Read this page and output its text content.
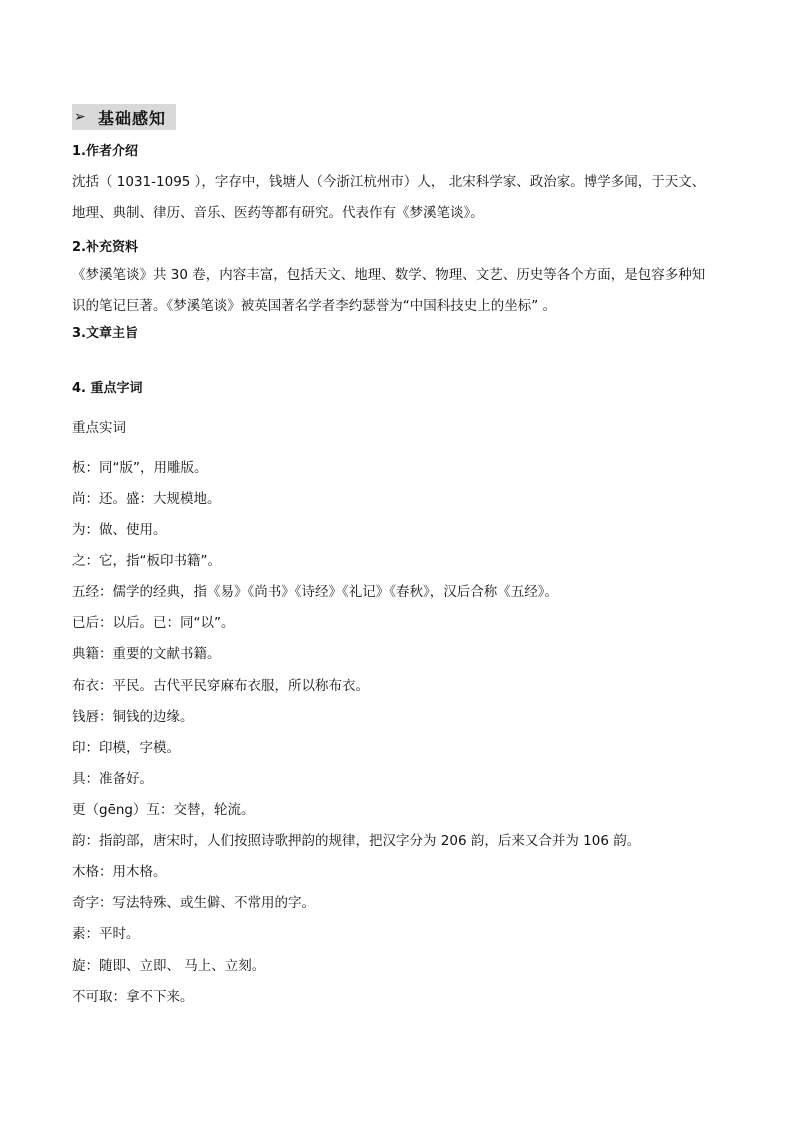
➢ 基础感知
1.作者介绍
沈括（ 1031-1095 ），字存中，钱塘人（今浙江杭州市）人， 北宋科学家、政治家。博学多闻，于天文、
地理、典制、律历、音乐、医药等都有研究。代表作有《梦溪笔谈》。
2.补充资料
《梦溪笔谈》共 30 卷，内容丰富，包括天文、地理、数学、物理、文艺、历史等各个方面，是包容多种知
识的笔记巨著。《梦溪笔谈》被英国著名学者李约瑟誉为“中国科技史上的坐标” 。
3.文章主旨
4. 重点字词
重点实词
板：同“版”，用雕版。
尚：还。盛：大规模地。
为：做、使用。
之：它，指“板印书籍”。
五经：儒学的经典，指《易》《尚书》《诗经》《礼记》《春秋》，汉后合称《五经》。
已后：以后。已：同“以”。
典籍：重要的文献书籍。
布衣：平民。古代平民穿麻布衣服，所以称布衣。
钱唇：铜钱的边缘。
印：印模，字模。
具：准备好。
更（gēng）互：交替，轮流。
韵：指韵部，唐宋时，人们按照诗歌押韵的规律，把汉字分为 206 韵，后来又合并为 106 韵。
木格：用木格。
奇字：写法特殊、或生僻、不常用的字。
素：平时。
旋：随即、立即、 马上、立刻。
不可取：拿不下来。
